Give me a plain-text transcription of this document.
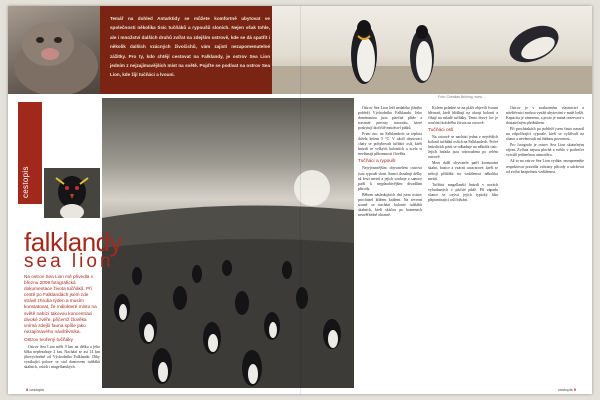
Temář na dohled Antarktidy se můžete komfortně ubytovat ve společnosti několika tisíc tučňáků a rypoušů sloních. Nejen však tohle, ale i množství dalších druhů zvířat na zdejším ostrově, kde se dá spatřit i několik dalších vzácných živočichů, vám zajistí nezapomenutelné zážitky. Pro ty, kdo chtějí cestovat na Falklandy, je ostrov Sea Lion jedním z nejzajímavějších míst na světě. Pojďte se podívat na ostrov Sea Lion, kde žijí tučňáci a lvouni.
Foto: Christian Brüning, www. ...
cestopis
falklandy
sea lion
Na ostrov Sea Lion mě přivedla v březnu 2009 fotografická dokumentace života tučňáků. Při cestě po Falklandách jsem zde strávil zhruba týden a musím konstatovat, že málokteré místo na světě nabízí takovou koncentraci divoké zvěře, přičemž člověka vnímá zdejší fauna spíše jako nezajímavého návštěvníka.
Ostrov tvořený tučňáky

Ostrov Sea Lion měří 9 km na délku a jeho šířka nepřesahuje 2 km. Nachází se asi 14 km jihovýchodně od Východního Falklandu. Díky vynikající poloze se stal domovem tučňáků skalních, oslích i magellanských.

Ostrov Sea Lion leží nedaleko jižního pobřeží Východního Falklandu. Jeho dominantou jsou písečné pláže a travnaté porosty tussocku, které poskytují útočiště množství ptáků.

První noc na Falklandech se teplota držela kolem 5 °C. V okolí ubytovací chaty se pohybovali tučňáci oslí, kteří hnízdí ve velkých koloniích a zcela si nevšímají přítomnosti člověka.

Tučňáci a rypouši

Nejvýraznějším obyvatelem ostrova jsou rypouši sloní. Samci dosahují délky až šesti metrů a jejich souboje o samice patří k nejpůsobivějším divadlům přírody.

Během následujících dní jsem ostrov procházel křížem krážem. Na severní straně se nachází kolonie tučňáků skalních, kteří skáčou po kamenech neuvěřitelně obratně.

Kolem poledne se na pláži objevili lvouni hřívnatí, kteří hlídkují na okraji kolonií a číhají na mladé tučňáky. Tento dravý lov je součástí koloběhu života na ostrově.

Tučňáci oslí

Na ostrově se nachází jedna z největších kolonií tučňáků oslích na Falklandech. Počet hnízdících párů se odhaduje na několik tisíc. Jejich hnízda jsou roztroušena po celém ostrově.

Mezi další obyvatele patří kormoráni skalní, husice a vzácní caracarové, kteří se nebojí přiblížit na vzdálenost několika metrů.

Tučňáci magellanští hnízdí v norách vyhrabaných v písčité půdě. Při západu slunce se ozývá jejich typický hlas připomínající oslí hýkání.

Ostrov je v soukromém vlastnictví a návštěvníci mohou využít ubytování v malé lodži. Kapacita je omezena, a proto je nutná rezervace s dostatečným předstihem.

Při procházkách po pobřeží jsem často narazil na odpočívající rypouše, kteří se vyhřívali na slunci a nevěnovali mi žádnou pozornost.

Pro fotografa je ostrov Sea Lion skutečným rájem. Zvířata nejsou plachá a světlo v podvečer vytváří jedinečnou atmosféru.

Až se na ostrov Sea Lion vydáte, nezapomeňte respektovat pravidla ochrany přírody a udržovat od zvířat bezpečnou vzdálenost.

8 cestopis	cestopis 9
